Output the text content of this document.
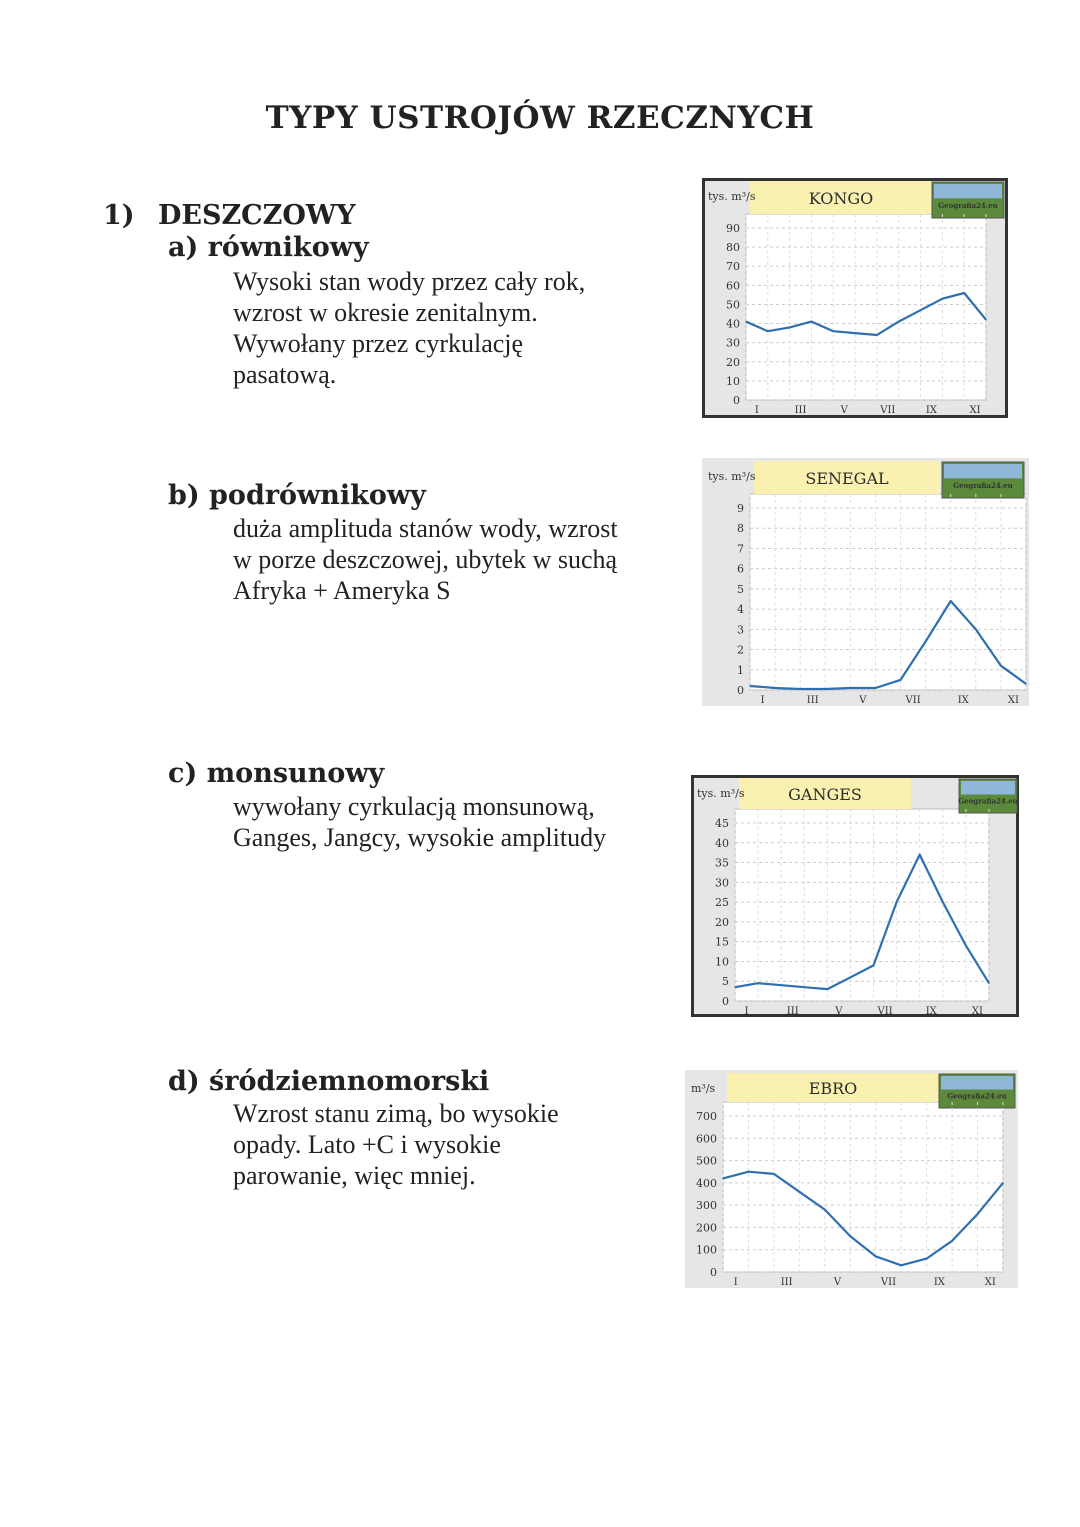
TYPY USTROJÓW RZECZNYCH
1) DESZCZOWY
a) równikowy
Wysoki stan wody przez cały rok,
wzrost w okresie zenitalnym.
Wywołany przez cyrkulację
pasatową.
b) podrównikowy
duża amplituda stanów wody, wzrost
w porze deszczowej, ubytek w suchą
Afryka + Ameryka S
c) monsunowy
wywołany cyrkulacją monsunową,
Ganges, Jangcy, wysokie amplitudy
d) śródziemnomorski
Wzrost stanu zimą, bo wysokie
opady. Lato +C i wysokie
parowanie, więc mniej.
KONGO	Geografia24.eu
tys. m³/s
90
80
70
60
50
40
30
20
10
0
I	III	V	VII	IX	XI
SENEGAL	Geografia24.eu
tys. m³/s
9
8
7
6
5
4
3
2
1
0
I	III	V	VII	IX	XI
GANGES	Geografia24.eu
tys. m³/s
45
40
35
30
25
20
15
10
5
0
I	III	V	VII	IX	XI
EBRO	Geografia24.eu
m³/s
700
600
500
400
300
200
100
0
I	III	V	VII	IX	XI
